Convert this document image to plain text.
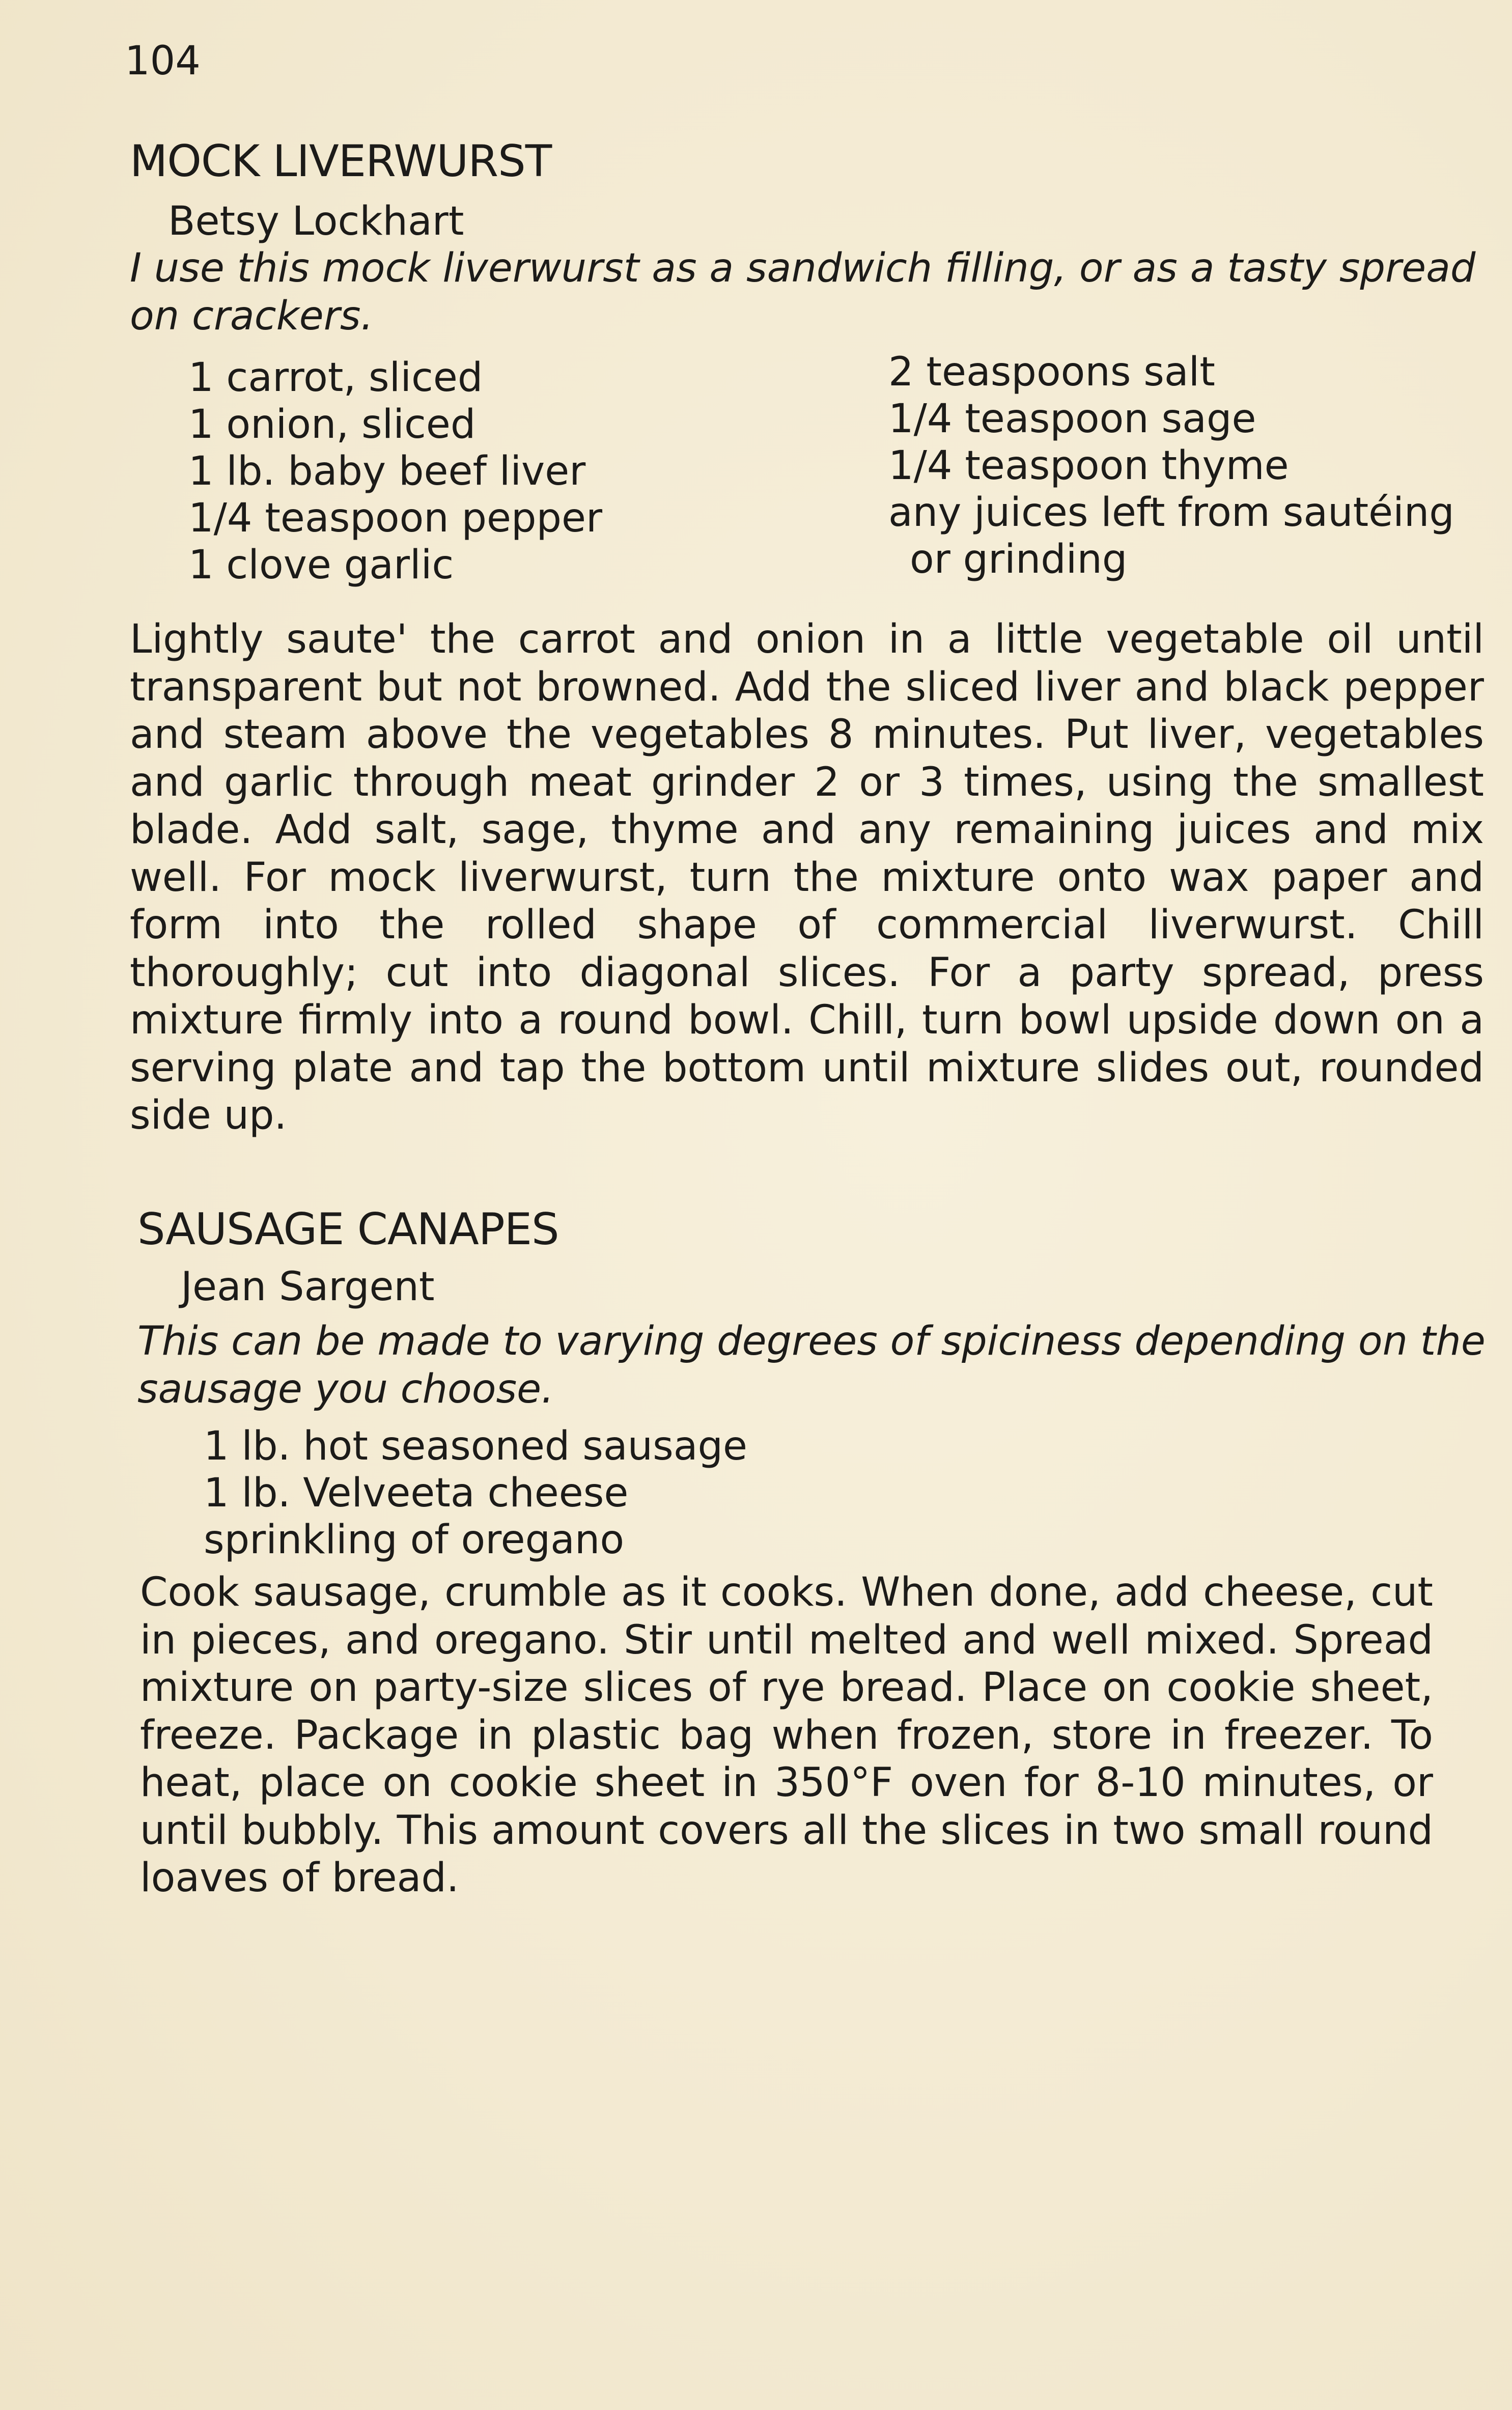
104
MOCK LIVERWURST
Betsy Lockhart

I use this mock liverwurst as a sandwich filling, or as a tasty spread on crackers.

1 carrot, sliced
1 onion, sliced
1 lb. baby beef liver
1/4 teaspoon pepper
1 clove garlic
2 teaspoons salt
1/4 teaspoon sage
1/4 teaspoon thyme
any juices left from sautéing
or grinding

Lightly saute' the carrot and onion in a little vegetable oil until transparent but not browned. Add the sliced liver and black pepper and steam above the vegetables 8 minutes. Put liver, vegetables and garlic through meat grinder 2 or 3 times, using the smallest blade. Add salt, sage, thyme and any remaining juices and mix well. For mock liverwurst, turn the mixture onto wax paper and form into the rolled shape of commercial liverwurst. Chill thoroughly; cut into diagonal slices. For a party spread, press mixture firmly into a round bowl. Chill, turn bowl upside down on a serving plate and tap the bottom until mixture slides out, rounded side up.

SAUSAGE CANAPES
Jean Sargent

This can be made to varying degrees of spiciness depending on the sausage you choose.

1 lb. hot seasoned sausage
1 lb. Velveeta cheese
sprinkling of oregano

Cook sausage, crumble as it cooks. When done, add cheese, cut in pieces, and oregano. Stir until melted and well mixed. Spread mixture on party-size slices of rye bread. Place on cookie sheet, freeze. Package in plastic bag when frozen, store in freezer. To heat, place on cookie sheet in 350°F oven for 8-10 minutes, or until bubbly. This amount covers all the slices in two small round loaves of bread.
